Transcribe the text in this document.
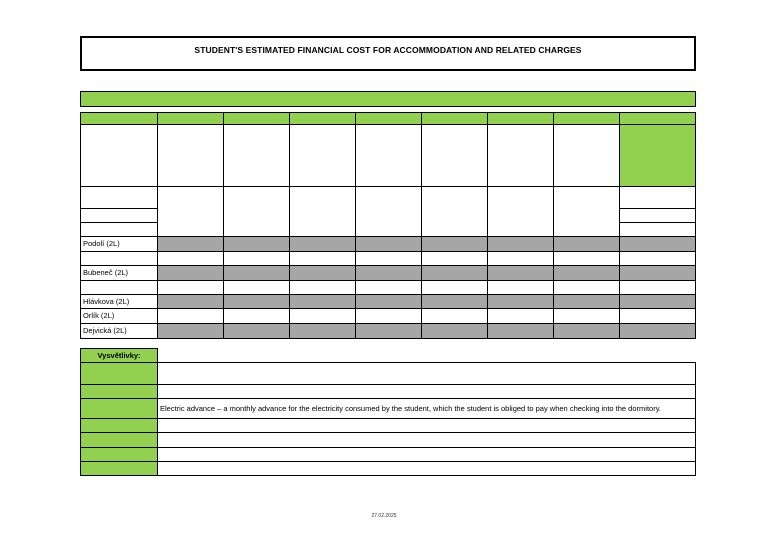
STUDENT'S ESTIMATED FINANCIAL COST FOR ACCOMMODATION AND RELATED CHARGES
Podolí (2L)
Bubeneč (2L)
Hlávkova (2L)
Orlík (2L)
Dejvická (2L)
Vysvětlivky:
Electric advance – a monthly advance for the electricity consumed by the student, which the student is obliged to pay when checking into the dormitory.
27.02.2025
